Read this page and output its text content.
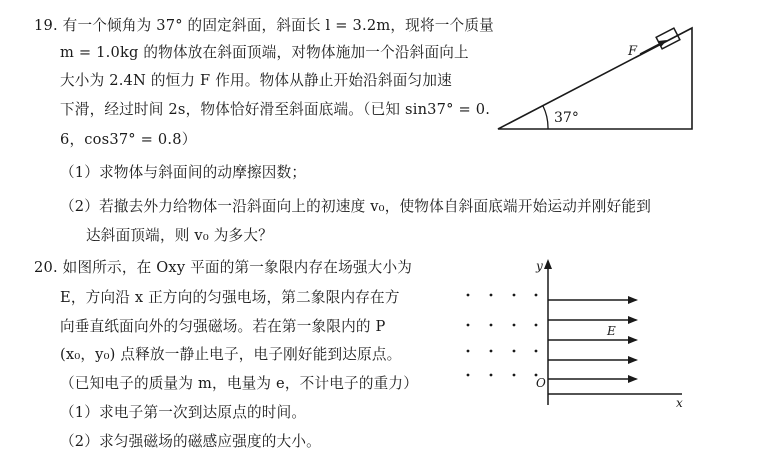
19. 有一个倾角为 37° 的固定斜面，斜面长 l = 3.2m，现将一个质量
m = 1.0kg 的物体放在斜面顶端，对物体施加一个沿斜面向上
大小为 2.4N 的恒力 F 作用。物体从静止开始沿斜面匀加速
下滑，经过时间 2s，物体恰好滑至斜面底端。（已知 sin37° = 0.
6，cos37° = 0.8）
（1）求物体与斜面间的动摩擦因数；
（2）若撤去外力给物体一沿斜面向上的初速度 v₀，使物体自斜面底端开始运动并刚好能到
达斜面顶端，则 v₀ 为多大？
F
37°
20. 如图所示，在 Oxy 平面的第一象限内存在场强大小为
E，方向沿 x 正方向的匀强电场，第二象限内存在方
向垂直纸面向外的匀强磁场。若在第一象限内的 P
(x₀，y₀) 点释放一静止电子，电子刚好能到达原点。
（已知电子的质量为 m，电量为 e，不计电子的重力）
（1）求电子第一次到达原点的时间。
（2）求匀强磁场的磁感应强度的大小。
y
x
O
E
